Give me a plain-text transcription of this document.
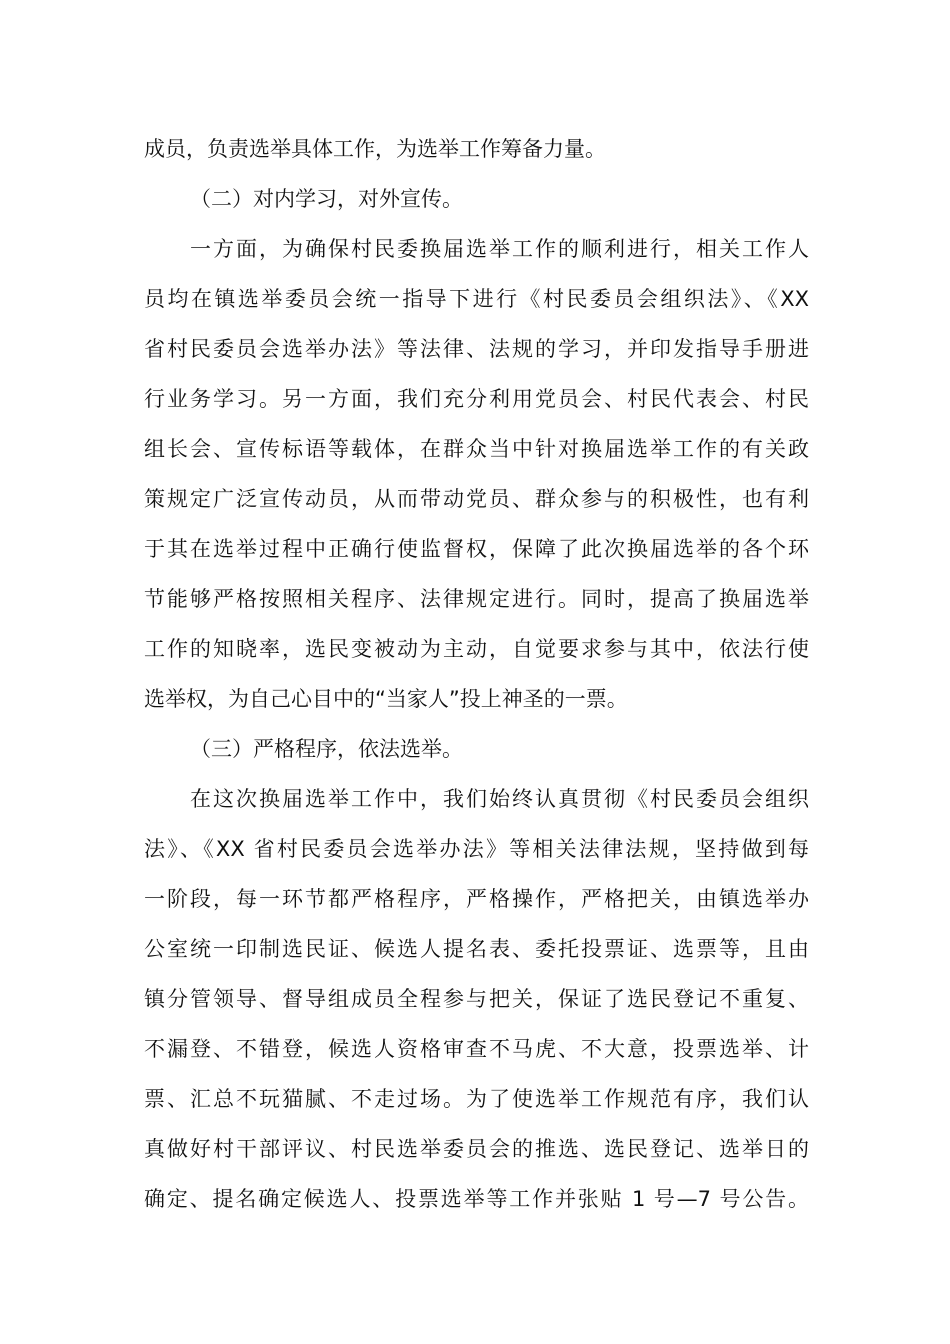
成员，负责选举具体工作，为选举工作筹备力量。
（二）对内学习，对外宣传。
一方面，为确保村民委换届选举工作的顺利进行，相关工作人
员均在镇选举委员会统一指导下进行《村民委员会组织法》、《XX
省村民委员会选举办法》等法律、法规的学习，并印发指导手册进
行业务学习。另一方面，我们充分利用党员会、村民代表会、村民
组长会、宣传标语等载体，在群众当中针对换届选举工作的有关政
策规定广泛宣传动员，从而带动党员、群众参与的积极性，也有利
于其在选举过程中正确行使监督权，保障了此次换届选举的各个环
节能够严格按照相关程序、法律规定进行。同时，提高了换届选举
工作的知晓率，选民变被动为主动，自觉要求参与其中，依法行使
选举权，为自己心目中的“当家人”投上神圣的一票。
（三）严格程序，依法选举。
在这次换届选举工作中，我们始终认真贯彻《村民委员会组织
法》、《XX 省村民委员会选举办法》等相关法律法规，坚持做到每
一阶段，每一环节都严格程序，严格操作，严格把关，由镇选举办
公室统一印制选民证、候选人提名表、委托投票证、选票等，且由
镇分管领导、督导组成员全程参与把关，保证了选民登记不重复、
不漏登、不错登，候选人资格审查不马虎、不大意，投票选举、计
票、汇总不玩猫腻、不走过场。为了使选举工作规范有序，我们认
真做好村干部评议、村民选举委员会的推选、选民登记、选举日的
确定、提名确定候选人、投票选举等工作并张贴 1 号—7 号公告。
